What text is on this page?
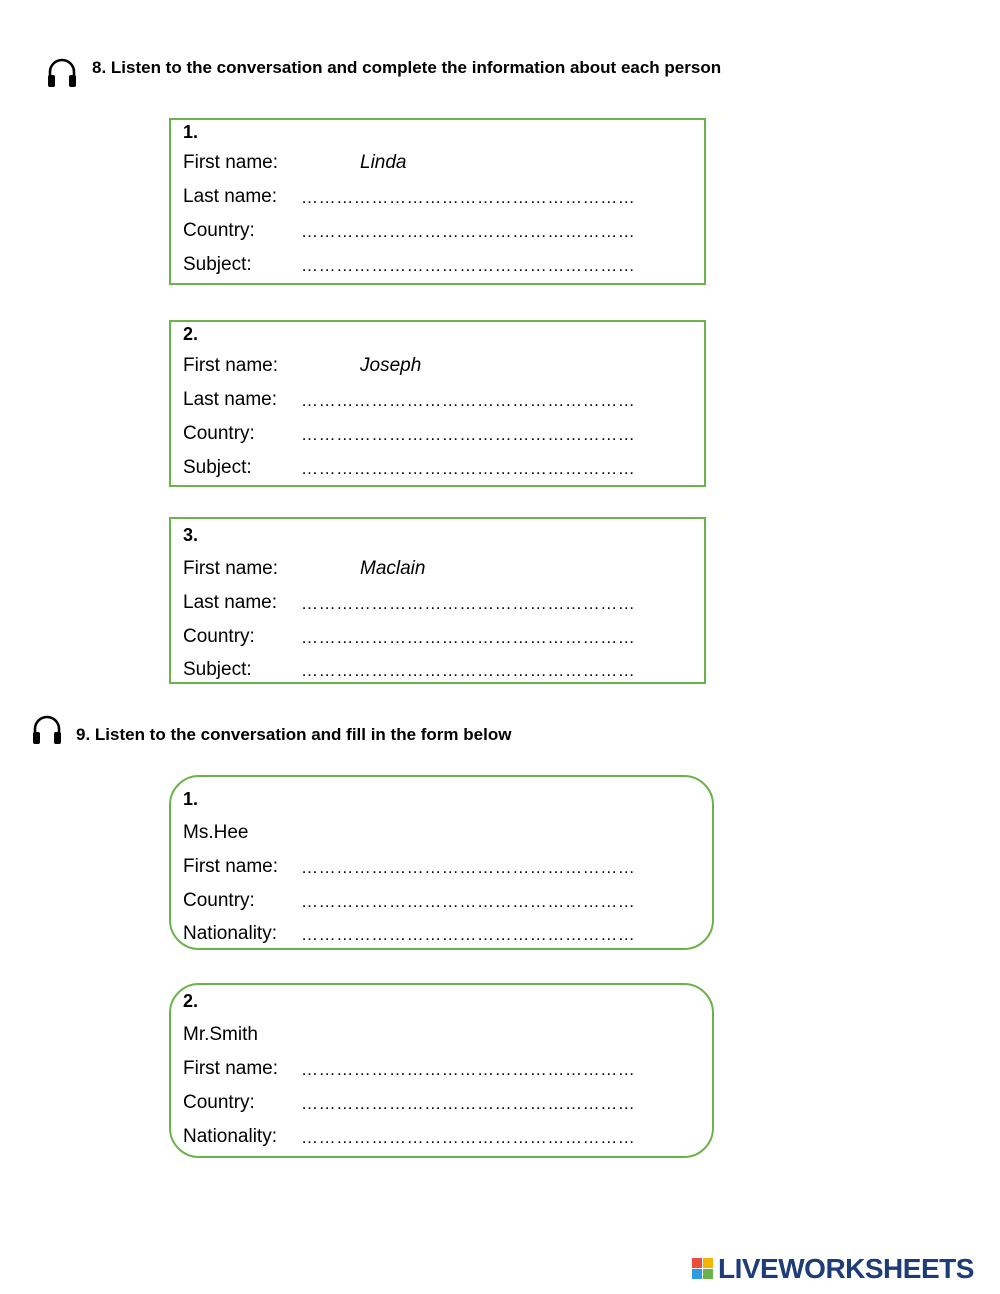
8. Listen to the conversation and complete the information about each person
1.
First name:	Linda
Last name: …………………………………………………
Country:	…………………………………………………
Subject:	…………………………………………………
2.
First name:	Joseph
Last name: …………………………………………………
Country:	…………………………………………………
Subject:	…………………………………………………
3.
First name:	Maclain
Last name: …………………………………………………
Country:	…………………………………………………
Subject:	…………………………………………………
9. Listen to the conversation and fill in the form below
1.
Ms.Hee
First name: …………………………………………………
Country:	…………………………………………………
Nationality: …………………………………………………
2.
Mr.Smith
First name: …………………………………………………
Country:	…………………………………………………
Nationality: …………………………………………………
LIVEWORKSHEETS
